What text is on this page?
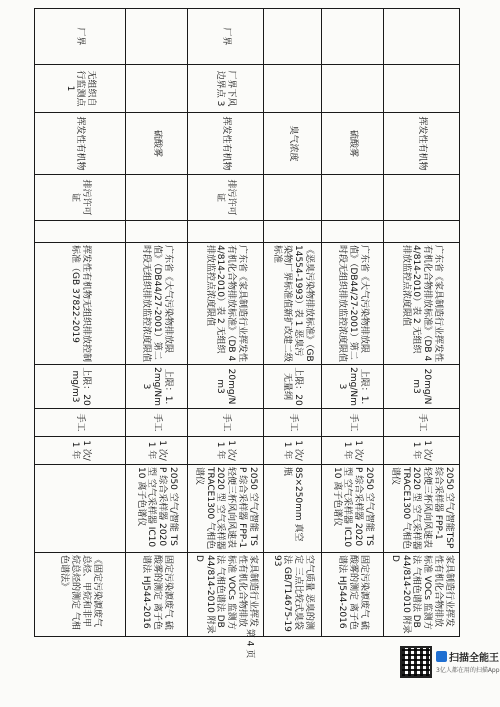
		挥发性有机物			广东省《家具制造行业挥发性有机化合物排放标准》（DB 44/814-2010）表 2 无组织排放监控点浓度限值	20mg/Nm3	手工	1 次/1 年	2050 空气/智能TSP 综合采样器 FPP-1 轻便三杯风向风速表 2020 型 空气采样器 TRACE1300 气相色谱仪	家具制造行业挥发性有机化合物排放标准 VOCs 监测方法 气相色谱法 DB 44/814-2010 附录 D
		硫酸雾			广东省《大气污染物排放限值》（DB44/27-2001）第二时段无组织排放监控浓度限值	上限：1.2mg/Nm3	手工	1 次/1 年	2050 空气/智能 TSP 综合采样器 2020 型 空气采样器 IC1010 离子色谱仪	固定污染源废气 硫酸雾的测定 离子色谱法 HJ544-2016
		臭气浓度			《恶臭污染物排放标准》（GB 14554-1993）表 1 恶臭污染物厂界标准值新扩改建二级标准	上限：20 无量纲	手工	1 次/1 年	8S×250mm 真空瓶	空气质量 恶臭的测定 三点比较式臭袋法 GB/T14675-1993
厂界	厂界下风边界点 3	挥发性有机物	排污许可证		广东省《家具制造行业挥发性有机化合物排放标准》（DB 44/814-2010）表 2 无组织排放监控点浓度限值	20mg/Nm3	手工	1 次/1 年	2050 空气/智能 TSP 综合采样器 FPP-1 轻便三杯风向风速表 2020 型 空气采样器 TRACE1300 气相色谱仪	家具制造行业挥发性有机化合物排放标准 VOCs 监测方法 气相色谱法 DB 44/814-2010 附录 D
		硫酸雾			广东省《大气污染物排放限值》（DB44/27-2001）第二时段无组织排放监控浓度限值	上限：1.2mg/Nm3	手工	1 次/1 年	2050 空气/智能 TSP 综合采样器 2020 型 空气采样器 IC1010 离子色谱仪	固定污染源废气 硫酸雾的测定 离子色谱法 HJ544-2016
厂界	无组织自行监测点 1	挥发性有机物	排污许可证		挥发性有机物无组织排放控制标准（GB 37822-2019	上限：20mg/m3	手工	1 次/1 年		《固定污染源废气 总烃、甲烷和非甲烷总烃的测定 气相色谱法》
第 4 页
扫描全能王
3亿人都在用的扫描App
